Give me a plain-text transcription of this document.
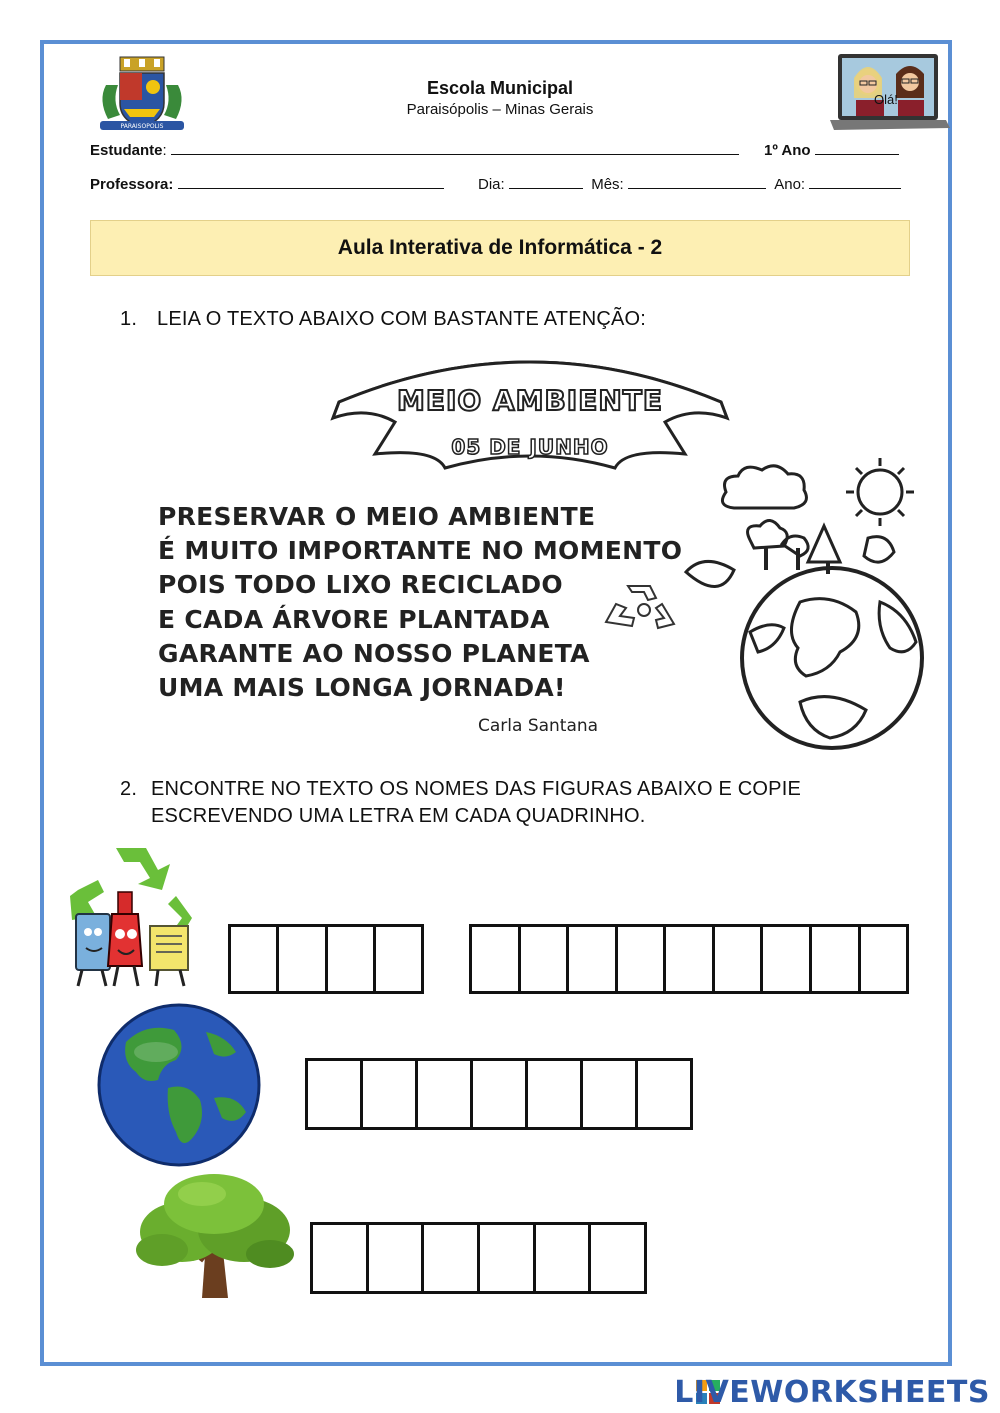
PARAISOPOLIS
Escola Municipal
Paraisópolis – Minas Gerais
Olá!
Estudante:	1º Ano
Professora:	Dia:	Mês:	Ano:
Aula Interativa de Informática - 2
1. LEIA O TEXTO ABAIXO COM BASTANTE ATENÇÃO:
MEIO AMBIENTE
05 DE JUNHO
PRESERVAR O MEIO AMBIENTE
É MUITO IMPORTANTE NO MOMENTO
POIS TODO LIXO RECICLADO
E CADA ÁRVORE PLANTADA
GARANTE AO NOSSO PLANETA
UMA MAIS LONGA JORNADA!
Carla Santana
2. ENCONTRE NO TEXTO OS NOMES DAS FIGURAS ABAIXO E COPIE
ESCREVENDO UMA LETRA EM CADA QUADRINHO.
LIVEWORKSHEETS
